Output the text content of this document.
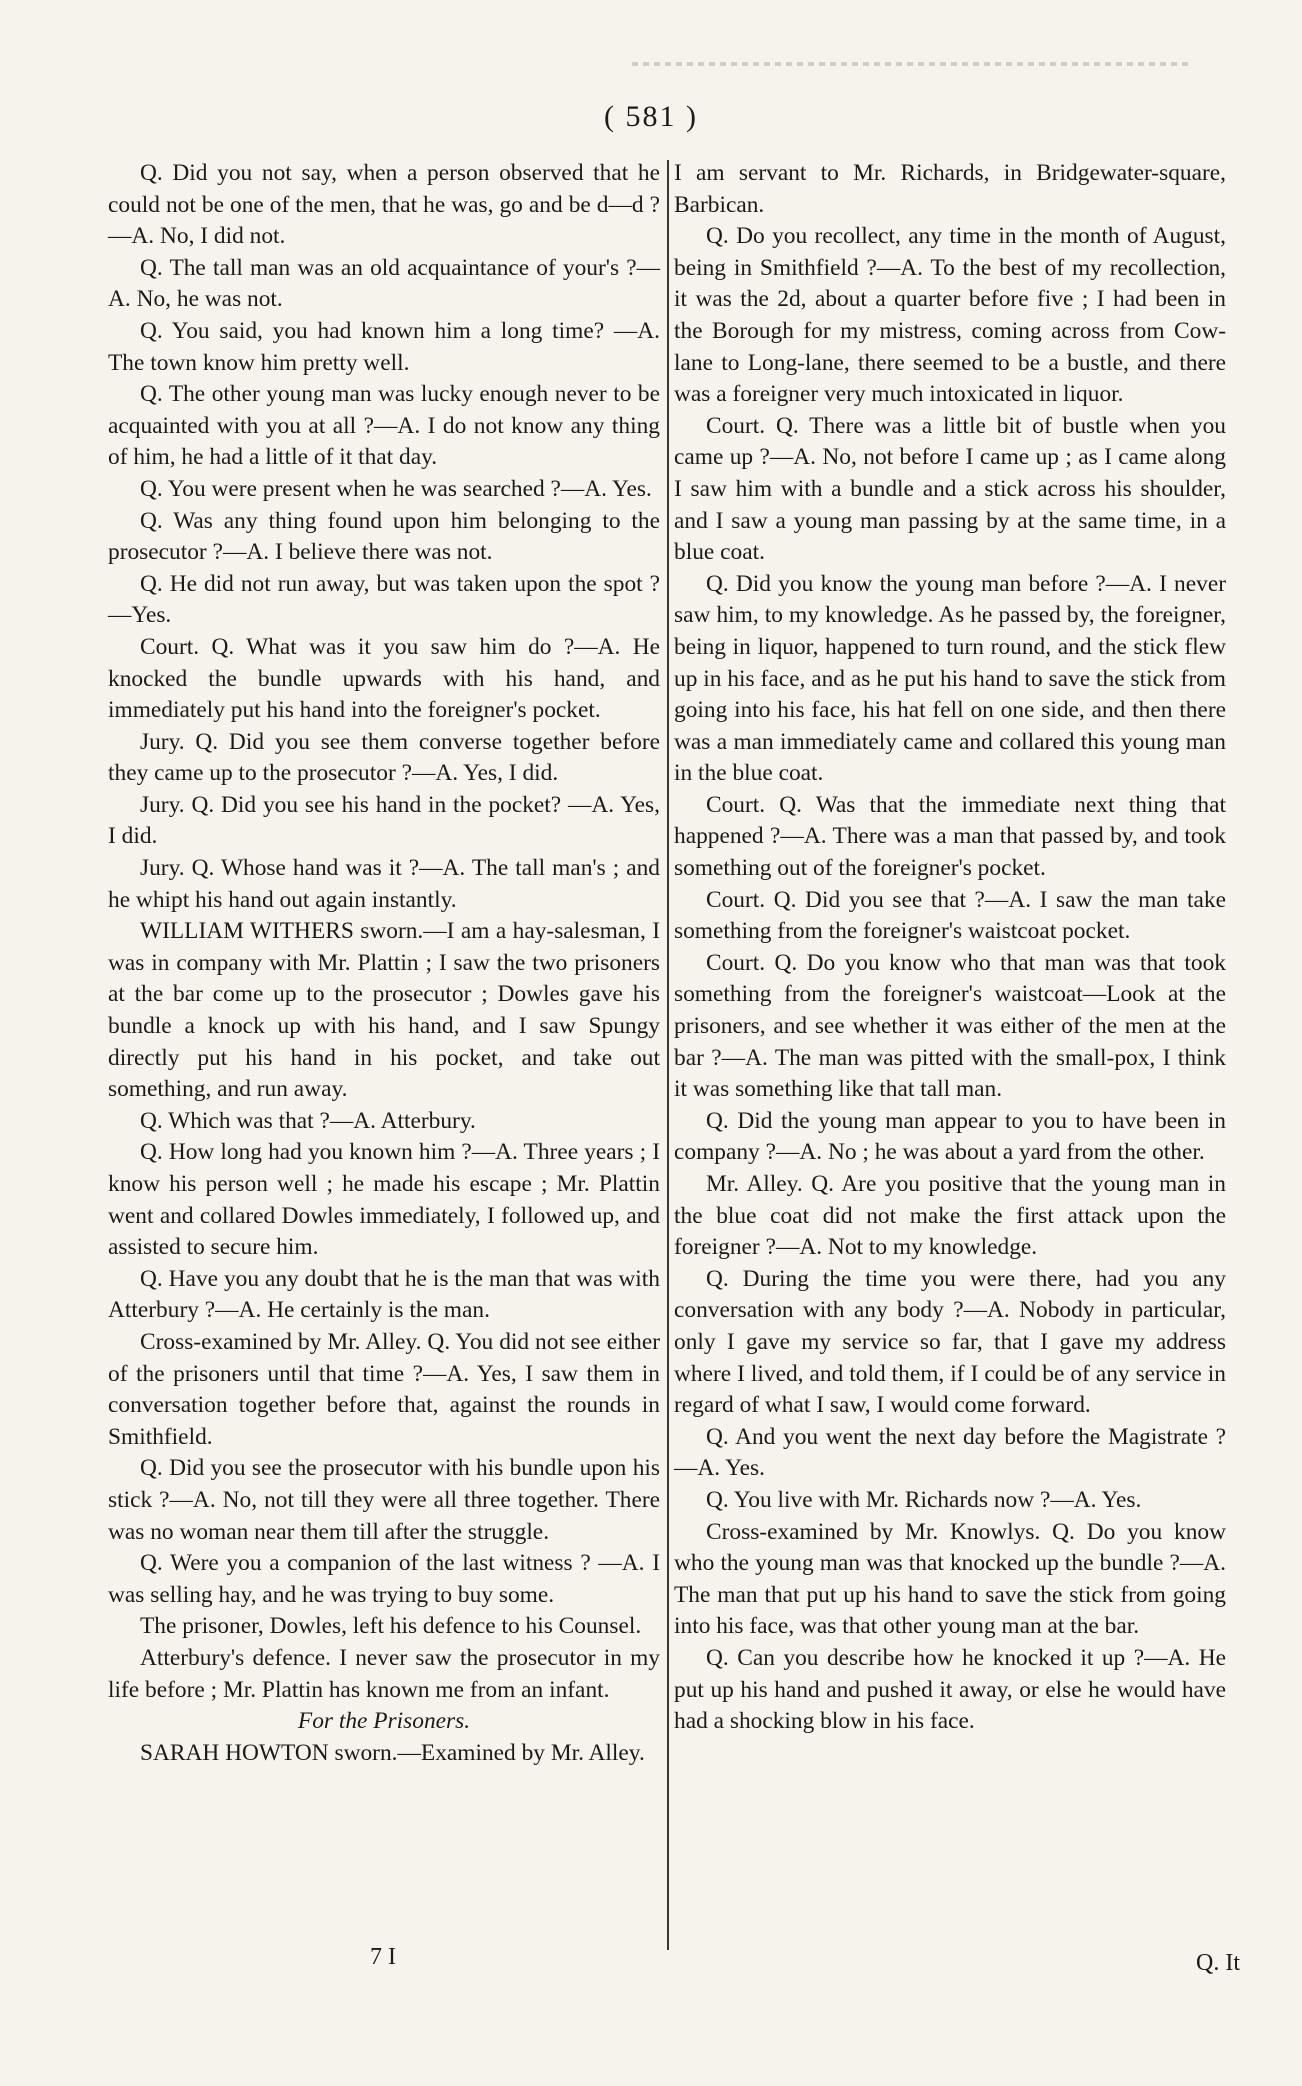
( 581 )

Q. Did you not say, when a person observed that he could not be one of the men, that he was, go and be d—d ?—A. No, I did not.

Q. The tall man was an old acquaintance of your's ?—A. No, he was not.

Q. You said, you had known him a long time? —A. The town know him pretty well.

Q. The other young man was lucky enough never to be acquainted with you at all ?—A. I do not know any thing of him, he had a little of it that day.

Q. You were present when he was searched ?—A. Yes.

Q. Was any thing found upon him belonging to the prosecutor ?—A. I believe there was not.

Q. He did not run away, but was taken upon the spot ?—Yes.

Court. Q. What was it you saw him do ?—A. He knocked the bundle upwards with his hand, and immediately put his hand into the foreigner's pocket.

Jury. Q. Did you see them converse together before they came up to the prosecutor ?—A. Yes, I did.

Jury. Q. Did you see his hand in the pocket? —A. Yes, I did.

Jury. Q. Whose hand was it ?—A. The tall man's ; and he whipt his hand out again instantly.

WILLIAM WITHERS sworn.—I am a hay-salesman, I was in company with Mr. Plattin ; I saw the two prisoners at the bar come up to the prosecutor ; Dowles gave his bundle a knock up with his hand, and I saw Spungy directly put his hand in his pocket, and take out something, and run away.

Q. Which was that ?—A. Atterbury.

Q. How long had you known him ?—A. Three years ; I know his person well ; he made his escape ; Mr. Plattin went and collared Dowles immediately, I followed up, and assisted to secure him.

Q. Have you any doubt that he is the man that was with Atterbury ?—A. He certainly is the man.

Cross-examined by Mr. Alley. Q. You did not see either of the prisoners until that time ?—A. Yes, I saw them in conversation together before that, against the rounds in Smithfield.

Q. Did you see the prosecutor with his bundle upon his stick ?—A. No, not till they were all three together. There was no woman near them till after the struggle.

Q. Were you a companion of the last witness ? —A. I was selling hay, and he was trying to buy some.

The prisoner, Dowles, left his defence to his Counsel.

Atterbury's defence. I never saw the prosecutor in my life before ; Mr. Plattin has known me from an infant.

For the Prisoners.

SARAH HOWTON sworn.—Examined by Mr. Alley.

I am servant to Mr. Richards, in Bridgewater-square, Barbican.

Q. Do you recollect, any time in the month of August, being in Smithfield ?—A. To the best of my recollection, it was the 2d, about a quarter before five ; I had been in the Borough for my mistress, coming across from Cow-lane to Long-lane, there seemed to be a bustle, and there was a foreigner very much intoxicated in liquor.

Court. Q. There was a little bit of bustle when you came up ?—A. No, not before I came up ; as I came along I saw him with a bundle and a stick across his shoulder, and I saw a young man passing by at the same time, in a blue coat.

Q. Did you know the young man before ?—A. I never saw him, to my knowledge. As he passed by, the foreigner, being in liquor, happened to turn round, and the stick flew up in his face, and as he put his hand to save the stick from going into his face, his hat fell on one side, and then there was a man immediately came and collared this young man in the blue coat.

Court. Q. Was that the immediate next thing that happened ?—A. There was a man that passed by, and took something out of the foreigner's pocket.

Court. Q. Did you see that ?—A. I saw the man take something from the foreigner's waistcoat pocket.

Court. Q. Do you know who that man was that took something from the foreigner's waistcoat—Look at the prisoners, and see whether it was either of the men at the bar ?—A. The man was pitted with the small-pox, I think it was something like that tall man.

Q. Did the young man appear to you to have been in company ?—A. No ; he was about a yard from the other.

Mr. Alley. Q. Are you positive that the young man in the blue coat did not make the first attack upon the foreigner ?—A. Not to my knowledge.

Q. During the time you were there, had you any conversation with any body ?—A. Nobody in particular, only I gave my service so far, that I gave my address where I lived, and told them, if I could be of any service in regard of what I saw, I would come forward.

Q. And you went the next day before the Magistrate ?—A. Yes.

Q. You live with Mr. Richards now ?—A. Yes.

Cross-examined by Mr. Knowlys. Q. Do you know who the young man was that knocked up the bundle ?—A. The man that put up his hand to save the stick from going into his face, was that other young man at the bar.

Q. Can you describe how he knocked it up ?—A. He put up his hand and pushed it away, or else he would have had a shocking blow in his face.

7 I	Q. It
